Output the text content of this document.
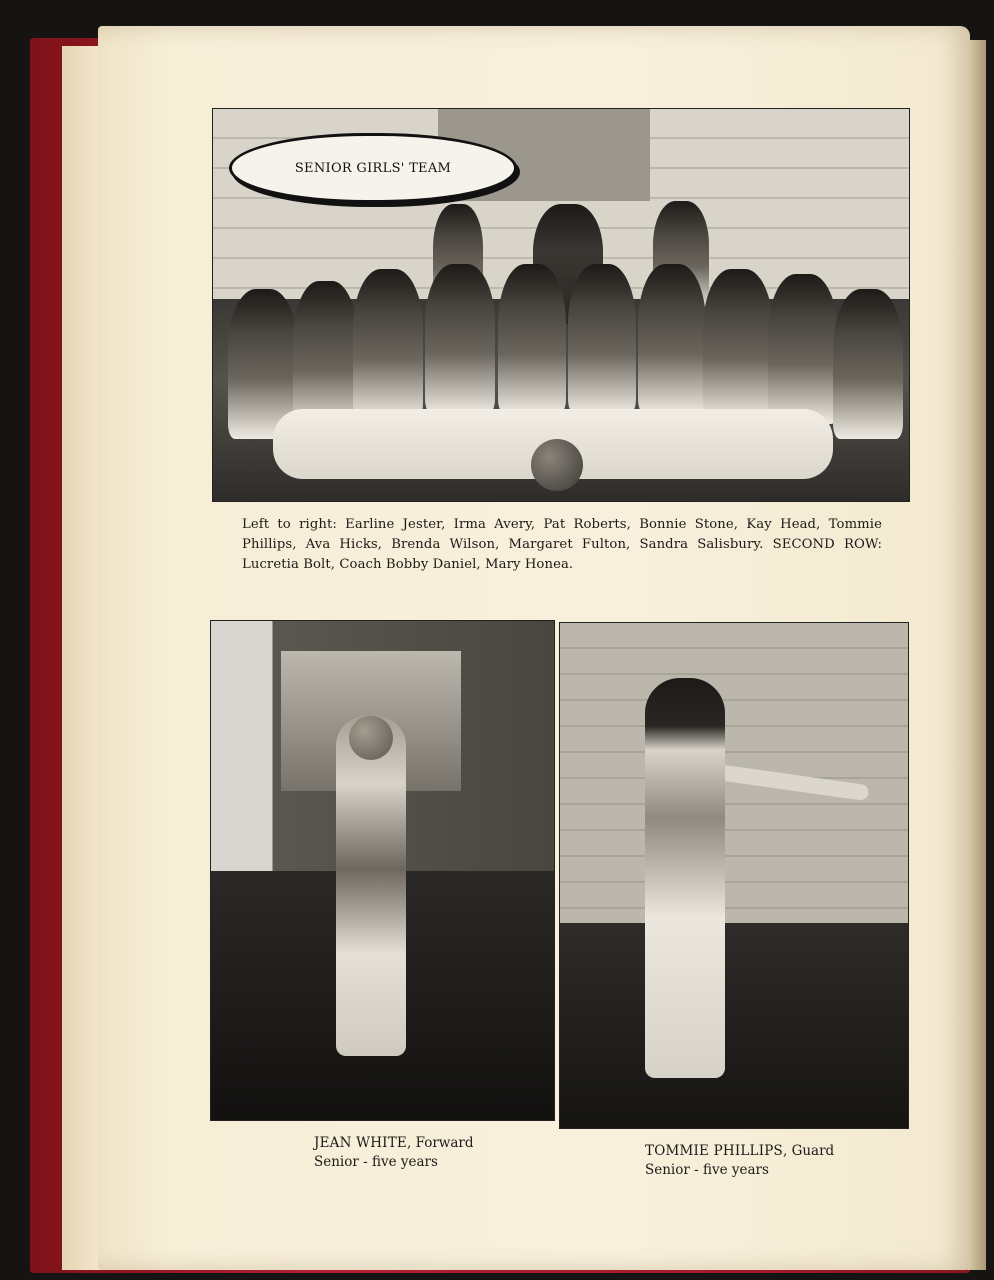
SENIOR GIRLS' TEAM
Left to right: Earline Jester, Irma Avery, Pat Roberts, Bonnie Stone, Kay Head, Tommie Phillips, Ava Hicks, Brenda Wilson, Margaret Fulton, Sandra Salisbury. SECOND ROW: Lucretia Bolt, Coach Bobby Daniel, Mary Honea.
JEAN WHITE, Forward
Senior - five years
TOMMIE PHILLIPS, Guard
Senior - five years
